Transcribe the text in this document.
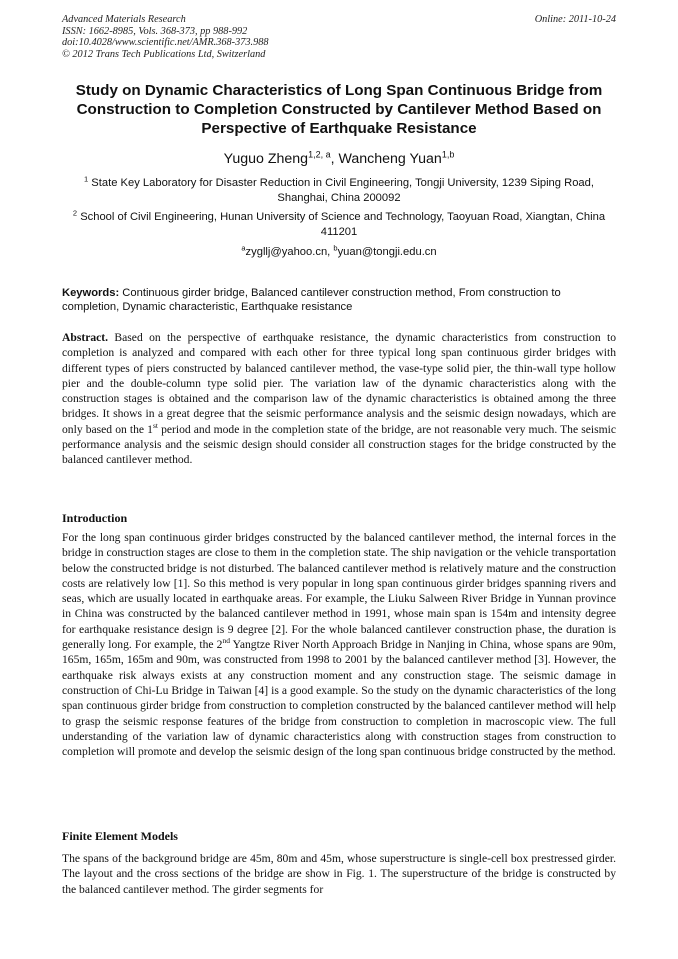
Advanced Materials Research
ISSN: 1662-8985, Vols. 368-373, pp 988-992
doi:10.4028/www.scientific.net/AMR.368-373.988
© 2012 Trans Tech Publications Ltd, Switzerland
Online: 2011-10-24
Study on Dynamic Characteristics of Long Span Continuous Bridge from Construction to Completion Constructed by Cantilever Method Based on Perspective of Earthquake Resistance
Yuguo Zheng$^{1,2, a}$, Wancheng Yuan$^{1,b}$
$^1$ State Key Laboratory for Disaster Reduction in Civil Engineering, Tongji University, 1239 Siping Road, Shanghai, China 200092
$^2$ School of Civil Engineering, Hunan University of Science and Technology, Taoyuan Road, Xiangtan, China 411201
$^a$zygllj@yahoo.cn, $^b$yuan@tongji.edu.cn
Keywords: Continuous girder bridge, Balanced cantilever construction method, From construction to completion, Dynamic characteristic, Earthquake resistance
Abstract. Based on the perspective of earthquake resistance, the dynamic characteristics from construction to completion is analyzed and compared with each other for three typical long span continuous girder bridges with different types of piers constructed by balanced cantilever method, the vase-type solid pier, the thin-wall type hollow pier and the double-column type solid pier. The variation law of the dynamic characteristics along with the construction stages is obtained and the comparison law of the dynamic characteristics is obtained among the three bridges. It shows in a great degree that the seismic performance analysis and the seismic design nowadays, which are only based on the 1st period and mode in the completion state of the bridge, are not reasonable very much. The seismic performance analysis and the seismic design should consider all construction stages for the bridge constructed by the balanced cantilever method.
Introduction
For the long span continuous girder bridges constructed by the balanced cantilever method, the internal forces in the bridge in construction stages are close to them in the completion state. The ship navigation or the vehicle transportation below the constructed bridge is not disturbed. The balanced cantilever method is relatively mature and the construction costs are relatively low [1]. So this method is very popular in long span continuous girder bridges spanning rivers and seas, which are usually located in earthquake areas. For example, the Liuku Salween River Bridge in Yunnan province in China was constructed by the balanced cantilever method in 1991, whose main span is 154m and intensity degree for earthquake resistance design is 9 degree [2]. For the whole balanced cantilever construction phase, the duration is generally long. For example, the 2nd Yangtze River North Approach Bridge in Nanjing in China, whose spans are 90m, 165m, 165m, 165m and 90m, was constructed from 1998 to 2001 by the balanced cantilever method [3]. However, the earthquake risk always exists at any construction moment and any construction stage. The seismic damage in construction of Chi-Lu Bridge in Taiwan [4] is a good example. So the study on the dynamic characteristics of the long span continuous girder bridge from construction to completion constructed by the balanced cantilever method will help to grasp the seismic response features of the bridge from construction to completion in macroscopic view. The full understanding of the variation law of dynamic characteristics along with construction stages from construction to completion will promote and develop the seismic design of the long span continuous bridge constructed by the method.
Finite Element Models
The spans of the background bridge are 45m, 80m and 45m, whose superstructure is single-cell box prestressed girder. The layout and the cross sections of the bridge are show in Fig. 1. The superstructure of the bridge is constructed by the balanced cantilever method. The girder segments for
